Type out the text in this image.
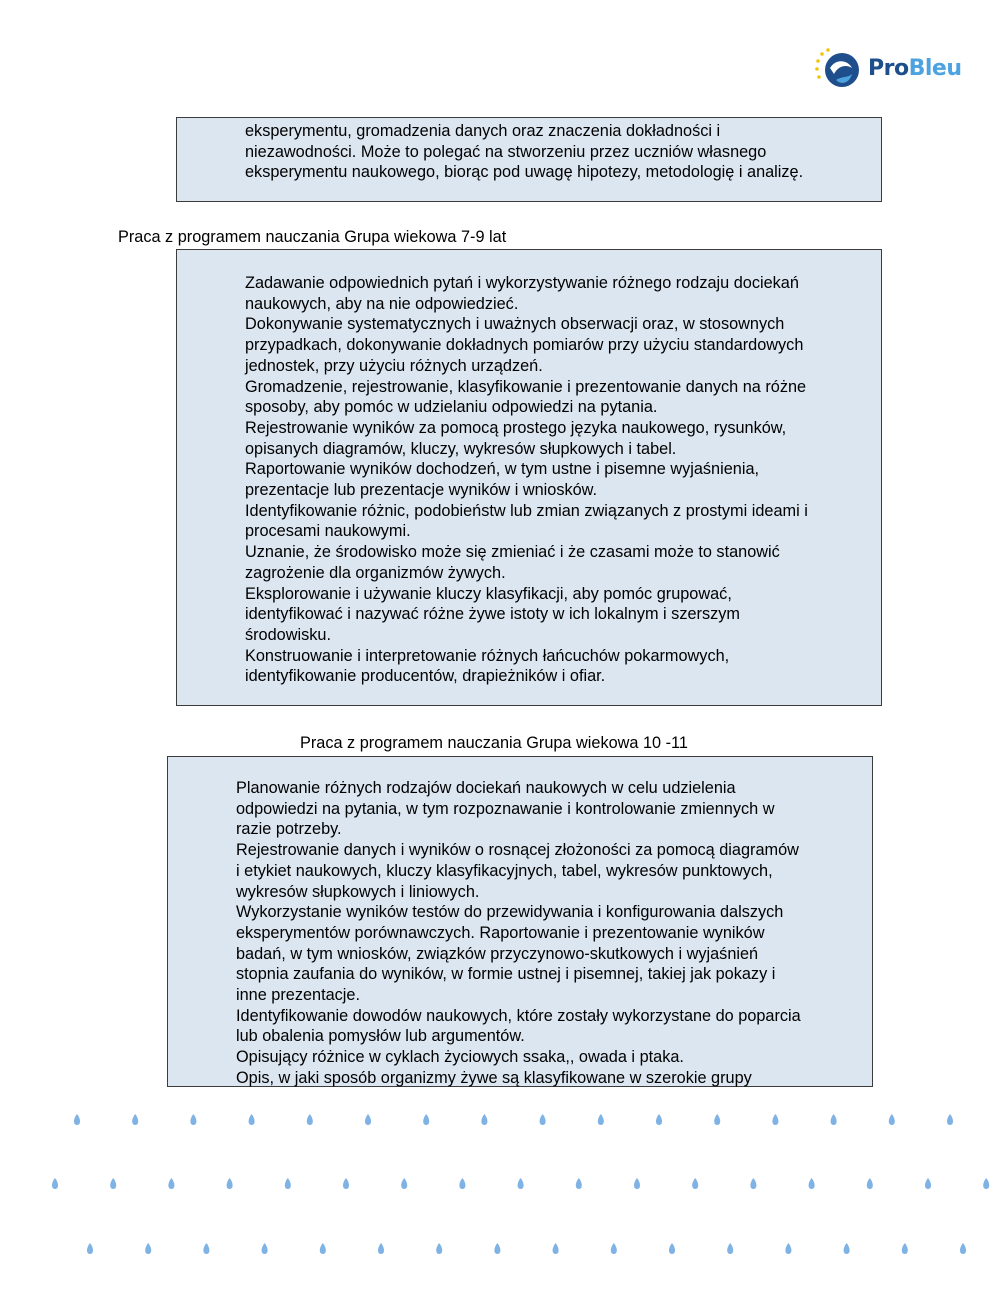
ProBleu

eksperymentu, gromadzenia danych oraz znaczenia dokładności i

niezawodności. Może to polegać na stworzeniu przez uczniów własnego

eksperymentu naukowego, biorąc pod uwagę hipotezy, metodologię i analizę.

Praca z programem nauczania Grupa wiekowa 7-9 lat

Zadawanie odpowiednich pytań i wykorzystywanie różnego rodzaju dociekań

naukowych, aby na nie odpowiedzieć.

Dokonywanie systematycznych i uważnych obserwacji oraz, w stosownych

przypadkach, dokonywanie dokładnych pomiarów przy użyciu standardowych

jednostek, przy użyciu różnych urządzeń.

Gromadzenie, rejestrowanie, klasyfikowanie i prezentowanie danych na różne

sposoby, aby pomóc w udzielaniu odpowiedzi na pytania.

Rejestrowanie wyników za pomocą prostego języka naukowego, rysunków,

opisanych diagramów, kluczy, wykresów słupkowych i tabel.

Raportowanie wyników dochodzeń, w tym ustne i pisemne wyjaśnienia,

prezentacje lub prezentacje wyników i wniosków.

Identyfikowanie różnic, podobieństw lub zmian związanych z prostymi ideami i

procesami naukowymi.

Uznanie, że środowisko może się zmieniać i że czasami może to stanowić

zagrożenie dla organizmów żywych.

Eksplorowanie i używanie kluczy klasyfikacji, aby pomóc grupować,

identyfikować i nazywać różne żywe istoty w ich lokalnym i szerszym

środowisku.

Konstruowanie i interpretowanie różnych łańcuchów pokarmowych,

identyfikowanie producentów, drapieżników i ofiar.

Praca z programem nauczania Grupa wiekowa 10 -11

Planowanie różnych rodzajów dociekań naukowych w celu udzielenia

odpowiedzi na pytania, w tym rozpoznawanie i kontrolowanie zmiennych w

razie potrzeby.

Rejestrowanie danych i wyników o rosnącej złożoności za pomocą diagramów

i etykiet naukowych, kluczy klasyfikacyjnych, tabel, wykresów punktowych,

wykresów słupkowych i liniowych.

Wykorzystanie wyników testów do przewidywania i konfigurowania dalszych

eksperymentów porównawczych. Raportowanie i prezentowanie wyników

badań, w tym wniosków, związków przyczynowo-skutkowych i wyjaśnień

stopnia zaufania do wyników, w formie ustnej i pisemnej, takiej jak pokazy i

inne prezentacje.

Identyfikowanie dowodów naukowych, które zostały wykorzystane do poparcia

lub obalenia pomysłów lub argumentów.

Opisujący różnice w cyklach życiowych ssaka,, owada i ptaka.

Opis, w jaki sposób organizmy żywe są klasyfikowane w szerokie grupy
